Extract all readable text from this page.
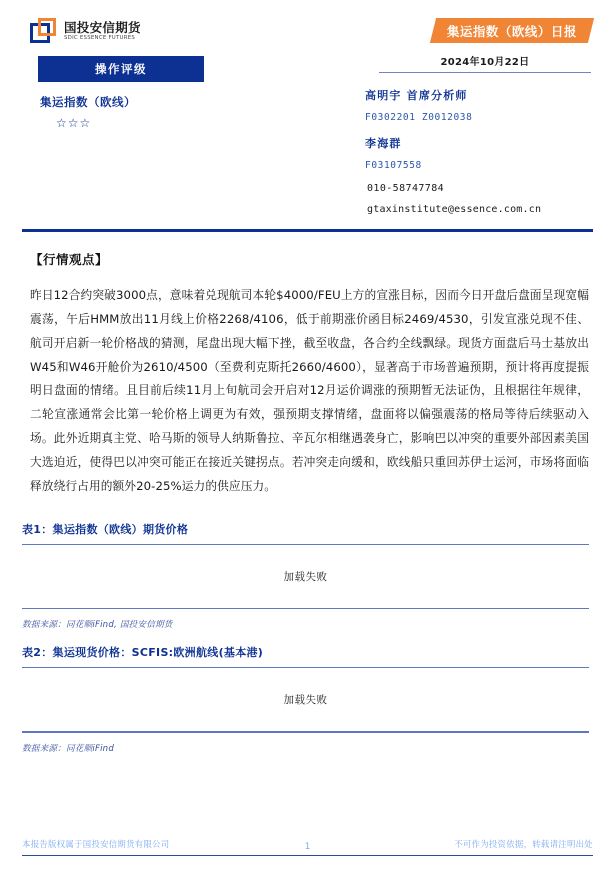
国投安信期货
SDIC ESSENCE FUTURES
操作评级
集运指数（欧线）
☆☆☆
集运指数（欧线）日报
2024年10月22日
高明宇 首席分析师
F0302201 Z0012038
李海群
F03107558
010-58747784
gtaxinstitute@essence.com.cn
【行情观点】
昨日12合约突破3000点，意味着兑现航司本轮$4000/FEU上方的宣涨目标，因而今日开盘后盘面呈现宽幅震荡，午后HMM放出11月线上价格2268/4106，低于前期涨价函目标2469/4530，引发宣涨兑现不佳、航司开启新一轮价格战的猜测，尾盘出现大幅下挫，截至收盘，各合约全线飘绿。现货方面盘后马士基放出W45和W46开舱价为2610/4500（至费利克斯托2660/4600），显著高于市场普遍预期，预计将再度提振明日盘面的情绪。且目前后续11月上旬航司会开启对12月运价调涨的预期暂无法证伪，且根据往年规律，二轮宣涨通常会比第一轮价格上调更为有效，强预期支撑情绪，盘面将以偏强震荡的格局等待后续驱动入场。此外近期真主党、哈马斯的领导人纳斯鲁拉、辛瓦尔相继遇袭身亡，影响巴以冲突的重要外部因素美国大选迫近，使得巴以冲突可能正在接近关键拐点。若冲突走向缓和，欧线船只重回苏伊士运河，市场将面临释放绕行占用的额外20-25%运力的供应压力。
表1：集运指数（欧线）期货价格
加载失败
数据来源：同花顺iFind, 国投安信期货
表2：集运现货价格：SCFIS:欧洲航线(基本港)
加载失败
数据来源：同花顺iFind
本报告版权属于国投安信期货有限公司	不可作为投资依据，转载请注明出处
1
